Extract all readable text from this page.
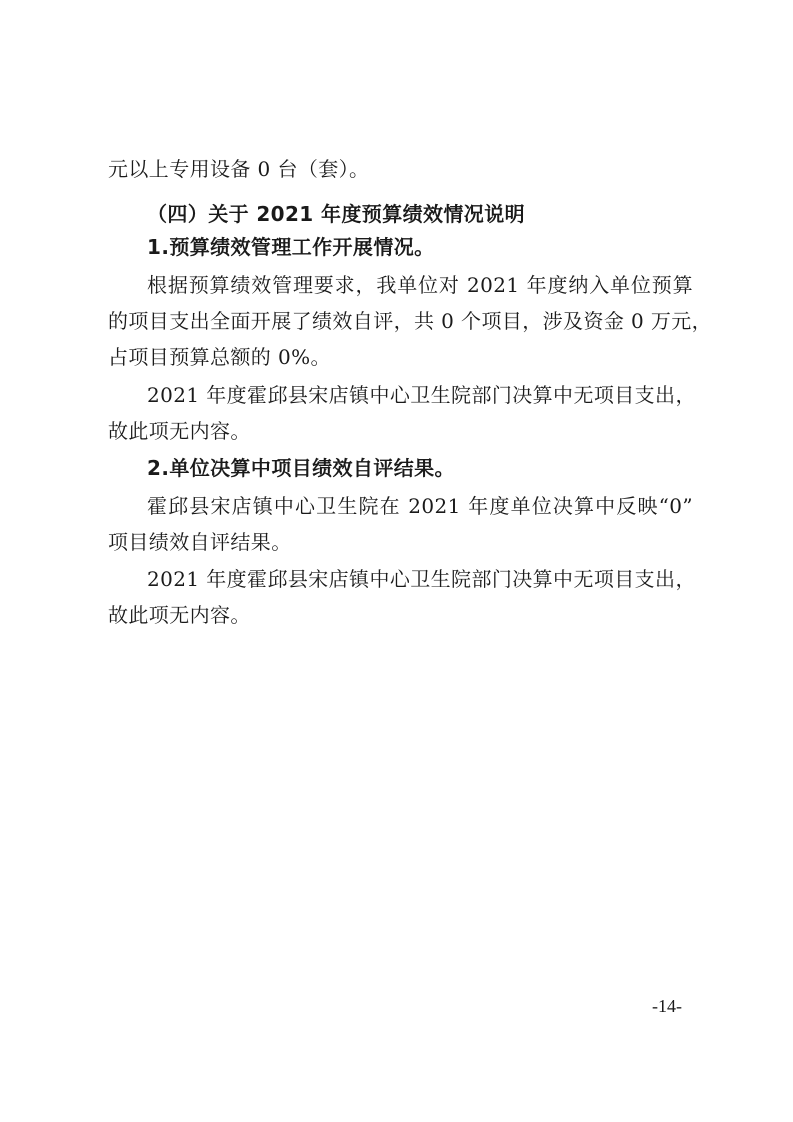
元以上专用设备 0 台（套）。
（四）关于 2021 年度预算绩效情况说明
1.预算绩效管理工作开展情况。
根据预算绩效管理要求，我单位对 2021 年度纳入单位预算
的项目支出全面开展了绩效自评，共 0 个项目，涉及资金 0 万元，
占项目预算总额的 0%。
2021 年度霍邱县宋店镇中心卫生院部门决算中无项目支出，
故此项无内容。
2.单位决算中项目绩效自评结果。
霍邱县宋店镇中心卫生院在 2021 年度单位决算中反映“0”
项目绩效自评结果。
2021 年度霍邱县宋店镇中心卫生院部门决算中无项目支出，
故此项无内容。
-14-
